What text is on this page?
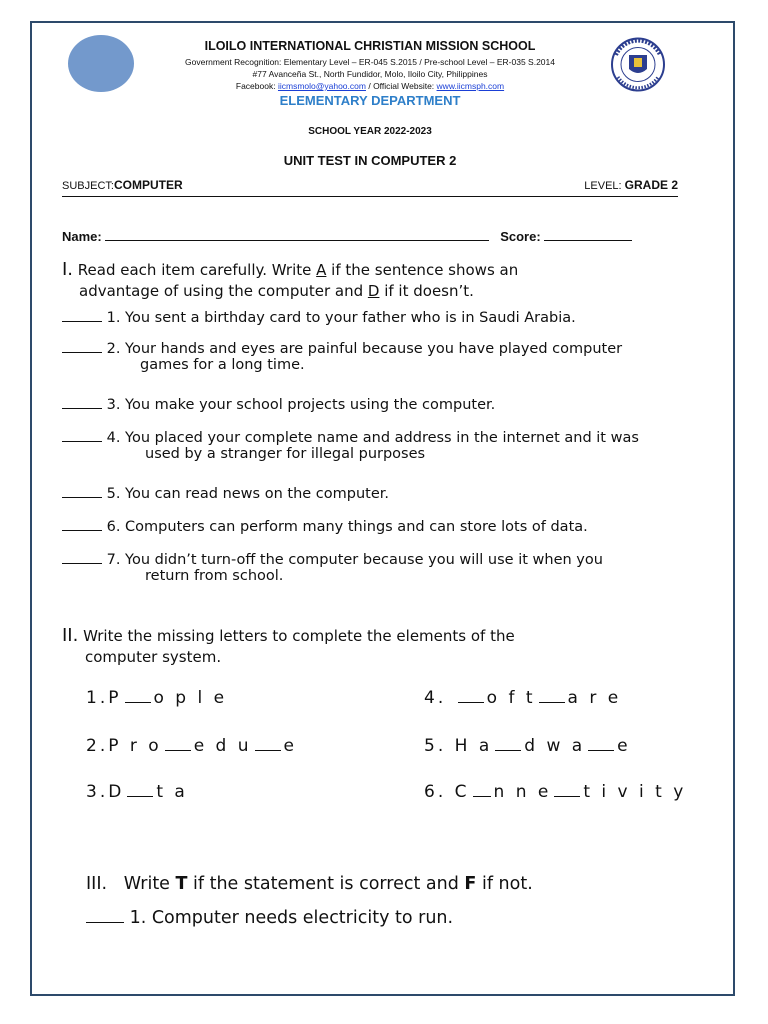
ILOILO INTERNATIONAL CHRISTIAN MISSION SCHOOL
Government Recognition: Elementary Level – ER-045 S.2015 / Pre-school Level – ER-035 S.2014
#77 Avanceña St., North Fundidor, Molo, Iloilo City, Philippines
Facebook: iicmsmolo@yahoo.com / Official Website: www.iicmsph.com
ELEMENTARY DEPARTMENT
SCHOOL YEAR 2022-2023
UNIT TEST IN COMPUTER 2
SUBJECT:COMPUTER	LEVEL: GRADE 2
Name:	Score:
I. Read each item carefully. Write A if the sentence shows an
advantage of using the computer and D if it doesn’t.
1. You sent a birthday card to your father who is in Saudi Arabia.
2. Your hands and eyes are painful because you have played computer
games for a long time.
3. You make your school projects using the computer.
4. You placed your complete name and address in the internet and it was
used by a stranger for illegal purposes
5. You can read news on the computer.
6. Computers can perform many things and can store lots of data.
7. You didn’t turn-off the computer because you will use it when you
return from school.
II. Write the missing letters to complete the elements of the
computer system.
1.P o p l e
2.P r o e d u e
3.D t a
4. o f t a r e
5. H a d w a e
6. C n n e t i v i t y
III. Write T if the statement is correct and F if not.
1. Computer needs electricity to run.
